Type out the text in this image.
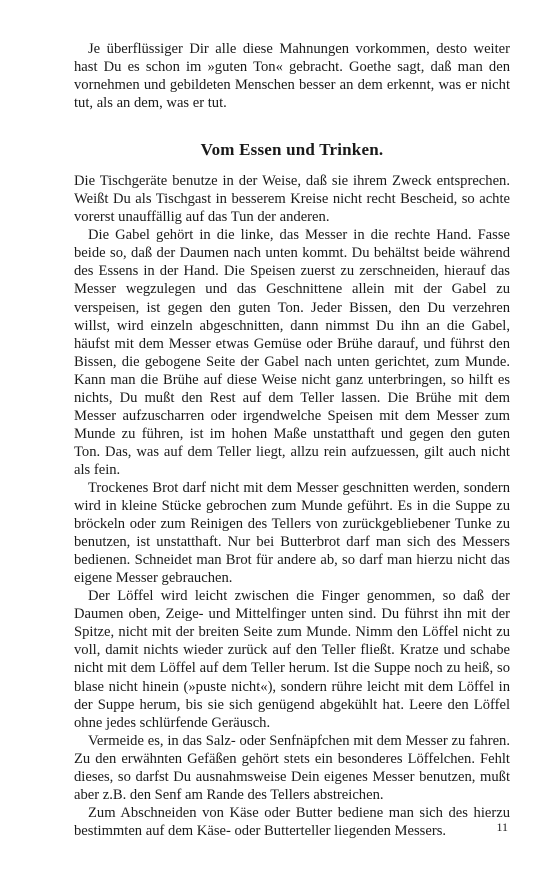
Je überflüssiger Dir alle diese Mahnungen vorkommen, desto weiter hast Du es schon im »guten Ton« gebracht. Goethe sagt, daß man den vornehmen und gebildeten Menschen besser an dem erkennt, was er nicht tut, als an dem, was er tut.

Vom Essen und Trinken.

Die Tischgeräte benutze in der Weise, daß sie ihrem Zweck entsprechen. Weißt Du als Tischgast in besserem Kreise nicht recht Bescheid, so achte vorerst unauffällig auf das Tun der anderen.

Die Gabel gehört in die linke, das Messer in die rechte Hand. Fasse beide so, daß der Daumen nach unten kommt. Du behältst beide während des Essens in der Hand. Die Speisen zuerst zu zerschneiden, hierauf das Messer wegzulegen und das Geschnittene allein mit der Gabel zu verspeisen, ist gegen den guten Ton. Jeder Bissen, den Du verzehren willst, wird einzeln abgeschnitten, dann nimmst Du ihn an die Gabel, häufst mit dem Messer etwas Gemüse oder Brühe darauf, und führst den Bissen, die gebogene Seite der Gabel nach unten gerichtet, zum Munde. Kann man die Brühe auf diese Weise nicht ganz unterbringen, so hilft es nichts, Du mußt den Rest auf dem Teller lassen. Die Brühe mit dem Messer aufzuscharren oder irgendwelche Speisen mit dem Messer zum Munde zu führen, ist im hohen Maße unstatthaft und gegen den guten Ton. Das, was auf dem Teller liegt, allzu rein aufzuessen, gilt auch nicht als fein.

Trockenes Brot darf nicht mit dem Messer geschnitten werden, sondern wird in kleine Stücke gebrochen zum Munde geführt. Es in die Suppe zu bröckeln oder zum Reinigen des Tellers von zurückgebliebener Tunke zu benutzen, ist unstatthaft. Nur bei Butterbrot darf man sich des Messers bedienen. Schneidet man Brot für andere ab, so darf man hierzu nicht das eigene Messer gebrauchen.

Der Löffel wird leicht zwischen die Finger genommen, so daß der Daumen oben, Zeige- und Mittelfinger unten sind. Du führst ihn mit der Spitze, nicht mit der breiten Seite zum Munde. Nimm den Löffel nicht zu voll, damit nichts wieder zurück auf den Teller fließt. Kratze und schabe nicht mit dem Löffel auf dem Teller herum. Ist die Suppe noch zu heiß, so blase nicht hinein (»puste nicht«), sondern rühre leicht mit dem Löffel in der Suppe herum, bis sie sich genügend abgekühlt hat. Leere den Löffel ohne jedes schlürfende Geräusch.

Vermeide es, in das Salz- oder Senfnäpfchen mit dem Messer zu fahren. Zu den erwähnten Gefäßen gehört stets ein besonderes Löffelchen. Fehlt dieses, so darfst Du ausnahmsweise Dein eigenes Messer benutzen, mußt aber z.B. den Senf am Rande des Tellers abstreichen.

Zum Abschneiden von Käse oder Butter bediene man sich des hierzu bestimmten auf dem Käse- oder Butterteller liegenden Messers.	11
